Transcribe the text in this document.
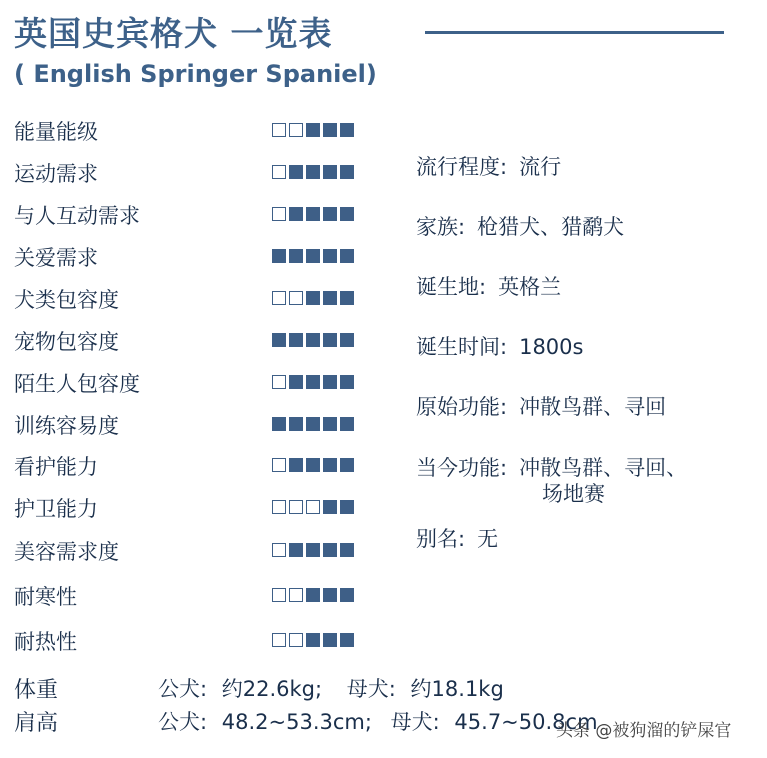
英国史宾格犬 一览表
( English Springer Spaniel)
能量能级
运动需求
与人互动需求
关爱需求
犬类包容度
宠物包容度
陌生人包容度
训练容易度
看护能力
护卫能力
美容需求度
耐寒性
耐热性
流行程度: 流行
家族: 枪猎犬、猎鹬犬
诞生地: 英格兰
诞生时间: 1800s
原始功能: 冲散鸟群、寻回
当今功能: 冲散鸟群、寻回、
场地赛
别名: 无
体重	公犬: 约22.6kg; 母犬: 约18.1kg
肩高	公犬: 48.2~53.3cm; 母犬: 45.7~50.8cm
头条 @被狗溜的铲屎官
